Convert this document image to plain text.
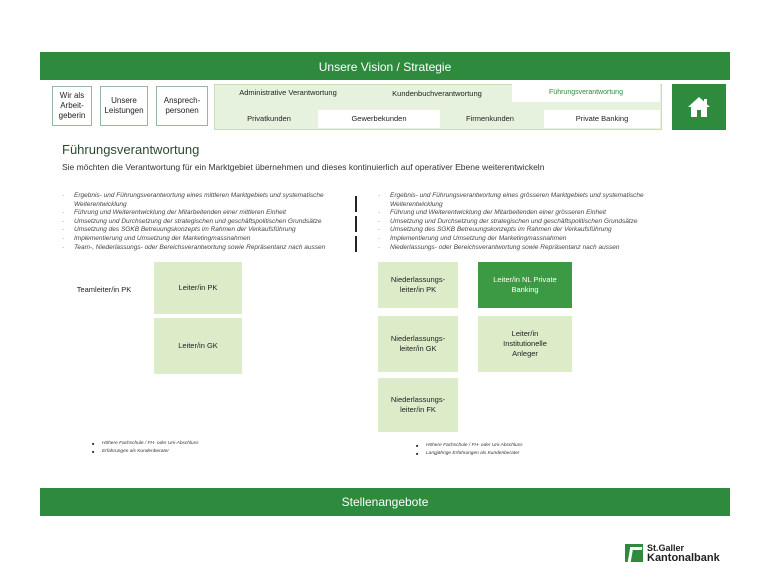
Unsere Vision / Strategie
Wir als Arbeit-geberin
Unsere Leistungen
Ansprech-personen
Administrative Verantwortung	Kundenbuchverantwortung	Führungsverantwortung
Privatkunden	Gewerbekunden	Firmenkunden	Private Banking
Führungsverantwortung
Sie möchten die Verantwortung für ein Marktgebiet übernehmen und dieses kontinuierlich auf operativer Ebene weiterentwickeln
· Ergebnis- und Führungsverantwortung eines mittleren Marktgebiets und systematische Weiterentwicklung
· Führung und Weiterentwicklung der Mitarbeitenden einer mittleren Einheit
· Umsetzung und Durchsetzung der strategischen und geschäftspolitischen Grundsätze
· Umsetzung des SGKB Betreuungskonzepts im Rahmen der Verkaufsführung
· Implementierung und Umsetzung der Marketingmassnahmen
· Team-, Niederlassungs- oder Bereichsverantwortung sowie Repräsentanz nach aussen
· Ergebnis- und Führungsverantwortung eines grösseren Marktgebiets und systematische Weiterentwicklung
· Führung und Weiterentwicklung der Mitarbeitenden einer grösseren Einheit
· Umsetzung und Durchsetzung der strategischen und geschäftspolitischen Grundsätze
· Umsetzung des SGKB Betreuungskonzepts im Rahmen der Verkaufsführung
· Implementierung und Umsetzung der Marketingmassnahmen
· Niederlassungs- oder Bereichsverantwortung sowie Repräsentanz nach aussen
Teamleiter/in PK	Leiter/in PK
Leiter/in GK
Niederlassungs-leiter/in PK
Leiter/in NL Private Banking
Niederlassungs-leiter/in GK
Leiter/in Institutionelle Anleger
Niederlassungs-leiter/in FK
■ Höhere Fachschule / FH- oder Uni-Abschluss
■ Erfahrungen als Kundenberater
■ Höhere Fachschule / FH- oder Uni-Abschluss
■ Langjährige Erfahrungen als Kundenberater
Stellenangebote
St.Galler
Kantonalbank
